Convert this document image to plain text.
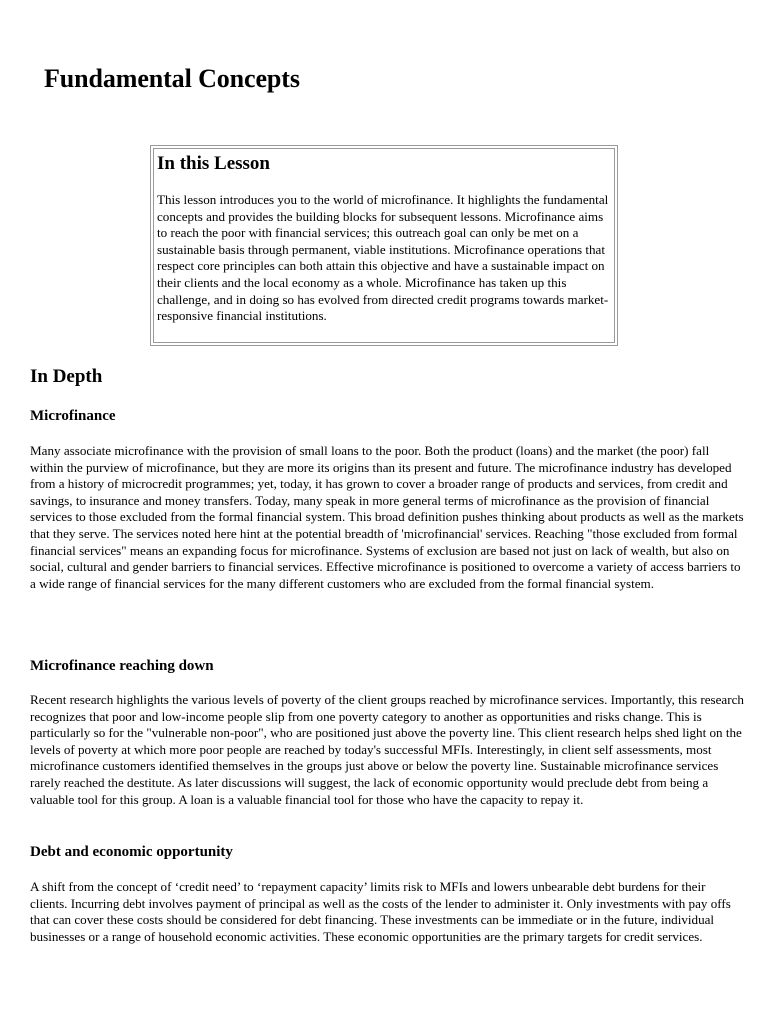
Fundamental Concepts
In this Lesson

This lesson introduces you to the world of microfinance. It highlights the fundamental concepts and provides the building blocks for subsequent lessons. Microfinance aims to reach the poor with financial services; this outreach goal can only be met on a sustainable basis through permanent, viable institutions. Microfinance operations that respect core principles can both attain this objective and have a sustainable impact on their clients and the local economy as a whole. Microfinance has taken up this challenge, and in doing so has evolved from directed credit programs towards market-responsive financial institutions.

In Depth
Microfinance

Many associate microfinance with the provision of small loans to the poor. Both the product (loans) and the market (the poor) fall within the purview of microfinance, but they are more its origins than its present and future. The microfinance industry has developed from a history of microcredit programmes; yet, today, it has grown to cover a broader range of products and services, from credit and savings, to insurance and money transfers. Today, many speak in more general terms of microfinance as the provision of financial services to those excluded from the formal financial system. This broad definition pushes thinking about products as well as the markets that they serve. The services noted here hint at the potential breadth of 'microfinancial' services. Reaching "those excluded from formal financial services" means an expanding focus for microfinance. Systems of exclusion are based not just on lack of wealth, but also on social, cultural and gender barriers to financial services. Effective microfinance is positioned to overcome a variety of access barriers to a wide range of financial services for the many different customers who are excluded from the formal financial system.

Microfinance reaching down

Recent research highlights the various levels of poverty of the client groups reached by microfinance services. Importantly, this research recognizes that poor and low-income people slip from one poverty category to another as opportunities and risks change. This is particularly so for the "vulnerable non-poor", who are positioned just above the poverty line. This client research helps shed light on the levels of poverty at which more poor people are reached by today's successful MFIs. Interestingly, in client self assessments, most microfinance customers identified themselves in the groups just above or below the poverty line. Sustainable microfinance services rarely reached the destitute. As later discussions will suggest, the lack of economic opportunity would preclude debt from being a valuable tool for this group. A loan is a valuable financial tool for those who have the capacity to repay it.

Debt and economic opportunity

A shift from the concept of ‘credit need’ to ‘repayment capacity’ limits risk to MFIs and lowers unbearable debt burdens for their clients. Incurring debt involves payment of principal as well as the costs of the lender to administer it. Only investments with pay offs that can cover these costs should be considered for debt financing. These investments can be immediate or in the future, individual businesses or a range of household economic activities. These economic opportunities are the primary targets for credit services.
